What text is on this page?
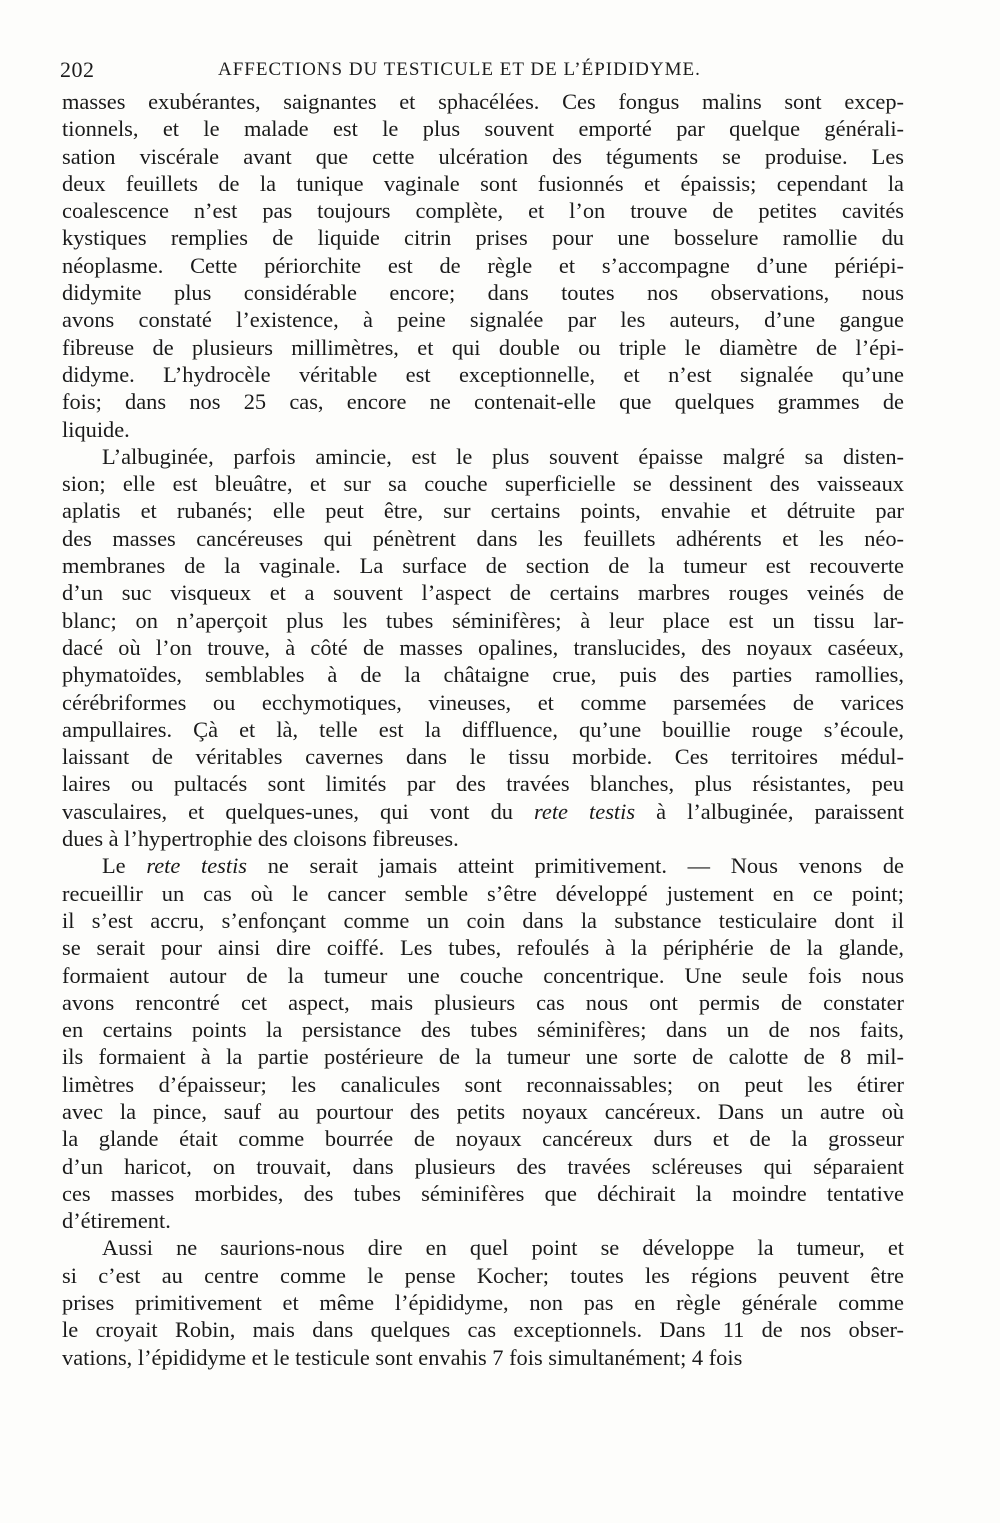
202	AFFECTIONS DU TESTICULE ET DE L’ÉPIDIDYME.
masses exubérantes, saignantes et sphacélées. Ces fongus malins sont excep-
tionnels, et le malade est le plus souvent emporté par quelque générali-
sation viscérale avant que cette ulcération des téguments se produise. Les
deux feuillets de la tunique vaginale sont fusionnés et épaissis; cependant la
coalescence n’est pas toujours complète, et l’on trouve de petites cavités
kystiques remplies de liquide citrin prises pour une bosselure ramollie du
néoplasme. Cette périorchite est de règle et s’accompagne d’une périépi-
didymite plus considérable encore; dans toutes nos observations, nous
avons constaté l’existence, à peine signalée par les auteurs, d’une gangue
fibreuse de plusieurs millimètres, et qui double ou triple le diamètre de l’épi-
didyme. L’hydrocèle véritable est exceptionnelle, et n’est signalée qu’une
fois; dans nos 25 cas, encore ne contenait-elle que quelques grammes de
liquide.
L’albuginée, parfois amincie, est le plus souvent épaisse malgré sa disten-
sion; elle est bleuâtre, et sur sa couche superficielle se dessinent des vaisseaux
aplatis et rubanés; elle peut être, sur certains points, envahie et détruite par
des masses cancéreuses qui pénètrent dans les feuillets adhérents et les néo-
membranes de la vaginale. La surface de section de la tumeur est recouverte
d’un suc visqueux et a souvent l’aspect de certains marbres rouges veinés de
blanc; on n’aperçoit plus les tubes séminifères; à leur place est un tissu lar-
dacé où l’on trouve, à côté de masses opalines, translucides, des noyaux caséeux,
phymatoïdes, semblables à de la châtaigne crue, puis des parties ramollies,
cérébriformes ou ecchymotiques, vineuses, et comme parsemées de varices
ampullaires. Çà et là, telle est la diffluence, qu’une bouillie rouge s’écoule,
laissant de véritables cavernes dans le tissu morbide. Ces territoires médul-
laires ou pultacés sont limités par des travées blanches, plus résistantes, peu
vasculaires, et quelques-unes, qui vont du rete testis à l’albuginée, paraissent
dues à l’hypertrophie des cloisons fibreuses.
Le rete testis ne serait jamais atteint primitivement. — Nous venons de
recueillir un cas où le cancer semble s’être développé justement en ce point;
il s’est accru, s’enfonçant comme un coin dans la substance testiculaire dont il
se serait pour ainsi dire coiffé. Les tubes, refoulés à la périphérie de la glande,
formaient autour de la tumeur une couche concentrique. Une seule fois nous
avons rencontré cet aspect, mais plusieurs cas nous ont permis de constater
en certains points la persistance des tubes séminifères; dans un de nos faits,
ils formaient à la partie postérieure de la tumeur une sorte de calotte de 8 mil-
limètres d’épaisseur; les canalicules sont reconnaissables; on peut les étirer
avec la pince, sauf au pourtour des petits noyaux cancéreux. Dans un autre où
la glande était comme bourrée de noyaux cancéreux durs et de la grosseur
d’un haricot, on trouvait, dans plusieurs des travées scléreuses qui séparaient
ces masses morbides, des tubes séminifères que déchirait la moindre tentative
d’étirement.
Aussi ne saurions-nous dire en quel point se développe la tumeur, et
si c’est au centre comme le pense Kocher; toutes les régions peuvent être
prises primitivement et même l’épididyme, non pas en règle générale comme
le croyait Robin, mais dans quelques cas exceptionnels. Dans 11 de nos obser-
vations, l’épididyme et le testicule sont envahis 7 fois simultanément; 4 fois
